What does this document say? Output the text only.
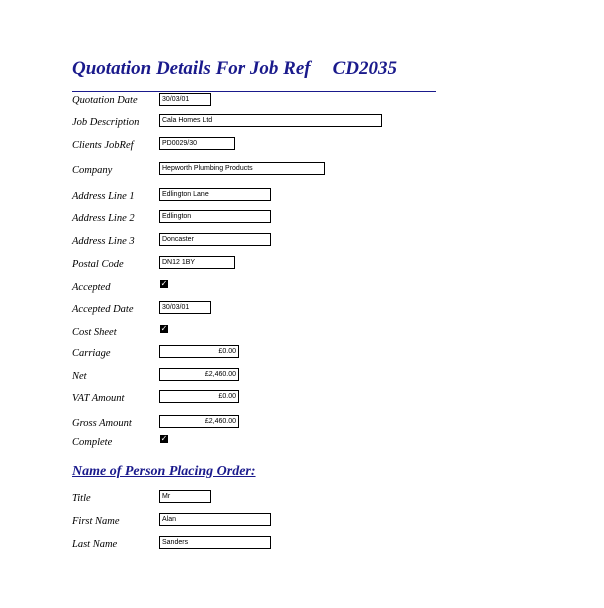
Quotation Details For Job Ref CD2035
Quotation Date	30/03/01
Job Description	Cala Homes Ltd
Clients JobRef	PD0029/30
Company	Hepworth Plumbing Products
Address Line 1	Edlington Lane
Address Line 2	Edlington
Address Line 3	Doncaster
Postal Code	DN12 1BY
Accepted	✓
Accepted Date	30/03/01
Cost Sheet	✓
Carriage	£0.00
Net	£2,460.00
VAT Amount	£0.00
Gross Amount	£2,460.00
Complete	✓
Name of Person Placing Order:
Title	Mr
First Name	Alan
Last Name	Sanders
